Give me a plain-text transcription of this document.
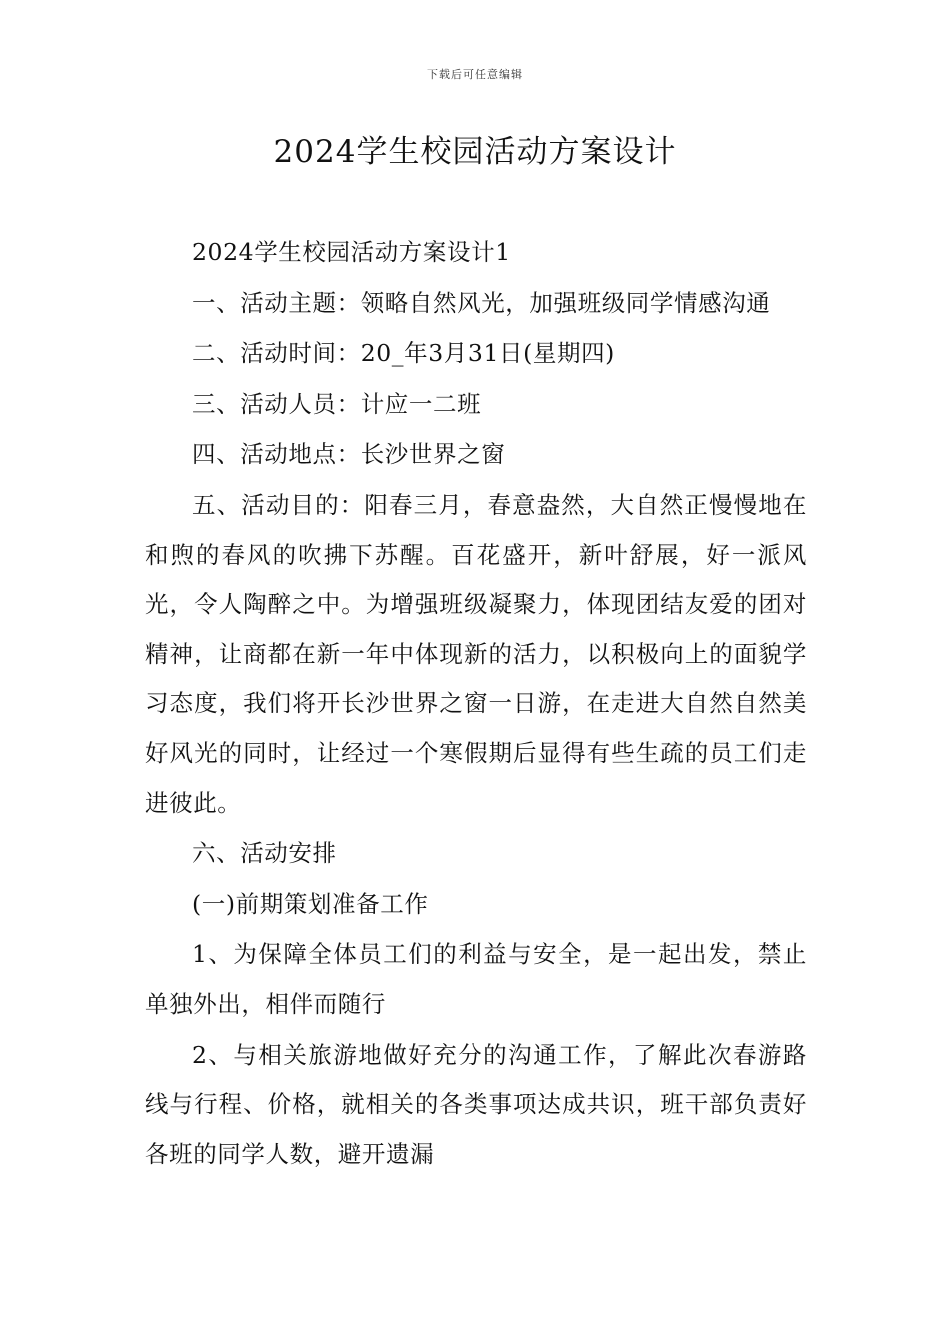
下载后可任意编辑
2024学生校园活动方案设计

2024学生校园活动方案设计1

一、活动主题：领略自然风光，加强班级同学情感沟通

二、活动时间：20_年3月31日(星期四)

三、活动人员：计应一二班

四、活动地点：长沙世界之窗

五、活动目的：阳春三月，春意盎然，大自然正慢慢地在和煦的春风的吹拂下苏醒。百花盛开，新叶舒展，好一派风光，令人陶醉之中。为增强班级凝聚力，体现团结友爱的团对精神，让商都在新一年中体现新的活力，以积极向上的面貌学习态度，我们将开长沙世界之窗一日游，在走进大自然自然美好风光的同时，让经过一个寒假期后显得有些生疏的员工们走进彼此。

六、活动安排

(一)前期策划准备工作

1、为保障全体员工们的利益与安全，是一起出发，禁止单独外出，相伴而随行

2、与相关旅游地做好充分的沟通工作，了解此次春游路线与行程、价格，就相关的各类事项达成共识，班干部负责好各班的同学人数，避开遗漏
